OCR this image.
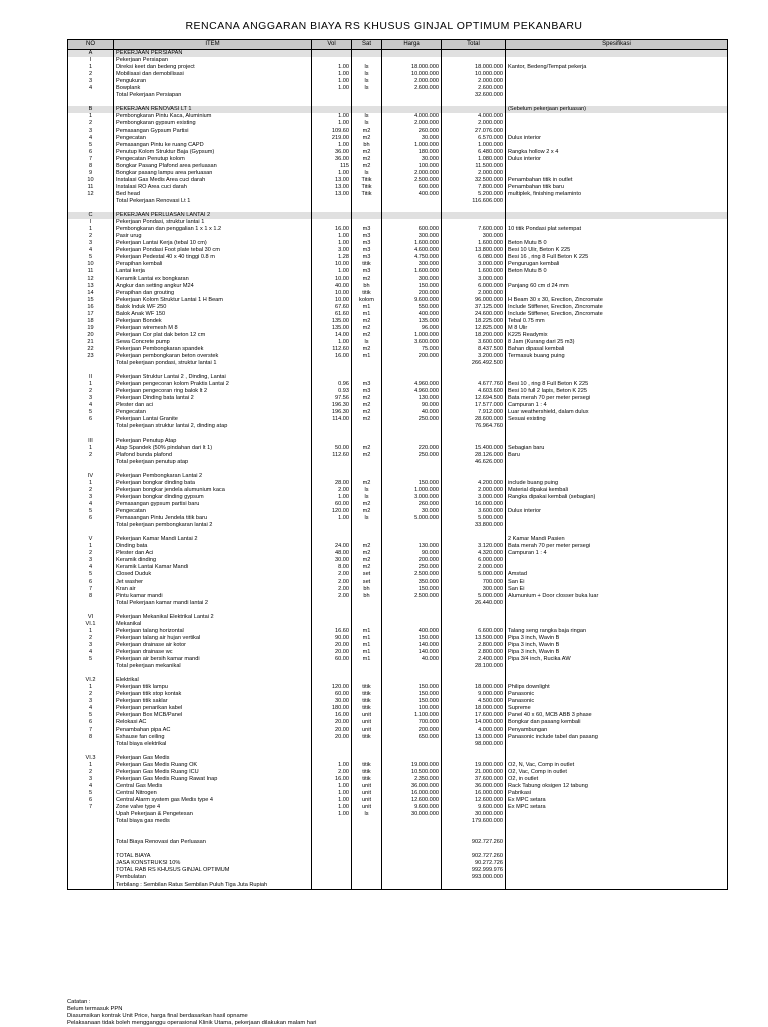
RENCANA ANGGARAN BIAYA RS KHUSUS GINJAL OPTIMUM PEKANBARU
NO	ITEM	Vol	Sat	Harga	Total	Spesifikasi
A	PEKERJAAN PERSIAPAN					
I	Pekerjaan Persiapan					
1	Direksi keet dan bedeng project	1.00	ls	18.000.000	18.000.000	Kantor, Bedeng/Tempat pekerja
2	Mobilisasi dan demobilisasi	1.00	ls	10.000.000	10.000.000	
3	Pengukuran	1.00	ls	2.000.000	2.000.000	
4	Bowplank	1.00	ls	2.600.000	2.600.000	
	Total Pekerjaan Persiapan				32.600.000	

B	PEKERJAAN RENOVASI LT 1					(Sebelum pekerjaan perluasan)
1	Pembongkaran Pintu Kaca, Aluminium	1.00	ls	4.000.000	4.000.000	
2	Pembongkaran gypsum existing	1.00	ls	2.000.000	2.000.000	
3	Pemasangan Gypsum Partisi	109.60	m2	260.000	27.076.000	
4	Pengecatan	219.00	m2	30.000	6.570.000	Dulux interior
5	Pemasangan Pintu ke ruang CAPD	1.00	bh	1.000.000	1.000.000	
6	Penutup Kolom Struktur Baja (Gypsum)	36.00	m2	180.000	6.480.000	Rangka hollow 2 x 4
7	Pengecatan Penutup kolom	36.00	m2	30.000	1.080.000	Dulux interior
8	Bongkar Pasang Plafond area perluasan	115	m2	100.000	11.500.000	
9	Bongkar pasang lampu area perluasan	1.00	ls	2.000.000	2.000.000	
10	Instalasi Gas Medis Area cuci darah	13.00	Titik	2.500.000	32.500.000	Penambahan titik in outlet
11	Instalasi RO Area cuci darah	13.00	Titik	600.000	7.800.000	Penambahan titik baru
12	Bed head	13.00	Titik	400.000	5.200.000	multiplek, finishing melaminto
	Total Pekerjaan Renovasi Lt 1				116.606.000	

C	PEKERJAAN PERLUASAN LANTAI 2					
I	Pekerjaan Pondasi, struktur lantai 1					
1	Pembongkaran dan penggalian 1 x 1 x 1.2	16.00	m3	600.000	7.600.000	10 titik Pondasi plat setempat
2	Pasir urug	1.00	m3	300.000	300.000	
3	Pekerjaan Lantai Kerja (tebal 10 cm)	1.00	m3	1.600.000	1.600.000	Beton Mutu B 0
4	Pekerjaan Pondasi Foot plate tebal 30 cm	3.00	m3	4.600.000	13.800.000	Besi 10 Ulir, Beton K 225
5	Pekerjaan Pedestal 40 x 40 tinggi 0.8 m	1.28	m3	4.750.000	6.080.000	Besi 16 , ring 8 Full Beton K 225
10	Perapihan kembali	10.00	titik	300.000	3.000.000	Pengurugan kembali
11	Lantai kerja	1.00	m3	1.600.000	1.600.000	Beton Mutu B 0
12	Keramik Lantai ex bongkaran	10.00	m2	300.000	3.000.000	
13	Angkur dan setting angkur M24	40.00	bh	150.000	6.000.000	Panjang 60 cm d 24 mm
14	Perapihan dan grouting	10.00	titik	200.000	2.000.000	
15	Pekerjaan Kolom Struktur Lantai 1 H Beam	10.00	kolom	9.600.000	96.000.000	H Beam 30 x 30, Erection, Zincromate
16	Balok Induk WF 250	67.60	m1	550.000	37.125.000	Include Stiffener, Erection, Zincromate
17	Balok Anak WF 150	61.60	m1	400.000	24.600.000	Include Stiffener, Erection, Zincromate
18	Pekerjaan Bondek	135.00	m2	135.000	18.225.000	Tebal 0.75 mm
19	Pekerjaan wiremesh M 8	135.00	m2	96.000	12.825.000	M 8 Ulir
20	Pekerjaan Cor plat dak beton 12 cm	14.00	m2	1.000.000	18.200.000	K225 Readymix
21	Sewa Concrete pump	1.00	ls	3.600.000	3.600.000	8 Jam (Kurang dari 25 m3)
22	Pekerjaan Pembongkaran spandek	112.60	m2	75.000	8.437.500	Bahan dipasal kembali
23	Pekerjaan pembongkaran beton overstek	16.00	m1	200.000	3.200.000	Termasuk buang puing
	Total pekerjaan pondasi, struktur lantai 1				266.492.500	

II	Pekerjaan Struktur Lantai 2 , Dinding, Lantai					
1	Pekerjaan pengecoran kolom Praktis Lantai 2	0.96	m3	4.960.000	4.677.760	Besi 10 , ring 8 Full Beton K 225
2	Pekerjaan pengecoran ring balok lt 2	0.93	m3	4.960.000	4.603.600	Besi 10 full 2 lapis, Beton K 225
3	Pekerjaan Dinding bata lantai 2	97.56	m2	130.000	12.694.500	Bata merah 70 per meter persegi
4	Plester dan aci	196.30	m2	90.000	17.577.000	Campuran 1 : 4
5	Pengecatan	196.30	m2	40.000	7.912.000	Luar weathershield, dalam dulux
6	Pekerjaan Lantai Granite	114.00	m2	250.000	28.600.000	Sesuai existing
	Total pekerjaan struktur lantai 2, dinding atap				76.964.760	

III	Pekerjaan Penutup Atap					
1	Atap Spandek (50% pindahan dari lt 1)	50.00	m2	220.000	15.400.000	Sebagian baru
2	Plafond bunda plafond	112.60	m2	250.000	28.126.000	Baru
	Total pekerjaan penutup atap				46.626.000	

IV	Pekerjaan Pembongkaran Lantai 2					
1	Pekerjaan bongkar dinding bata	28.00	m2	150.000	4.200.000	include buang puing
2	Pekerjaan bongkar jendela alumunium kaca	2.00	ls	1.000.000	2.000.000	Material dipakai kembali
3	Pekerjaan bongkar dinding gypsum	1.00	ls	3.000.000	3.000.000	Rangka dipakai kembali (sebagian)
4	Pemasangan gypsum partisi baru	60.00	m2	260.000	16.000.000	
5	Pengecatan	120.00	m2	30.000	3.600.000	Dulux interior
6	Pemasangan Pintu Jendela titik baru	1.00	ls	5.000.000	5.000.000	
	Total pekerjaan pembongkaran lantai 2				33.800.000	

V	Pekerjaan Kamar Mandi Lantai 2					2 Kamar Mandi Pasien
1	Dinding bata	24.00	m2	130.000	3.120.000	Bata merah 70 per meter persegi
2	Plester dan Aci	48.00	m2	90.000	4.320.000	Campuran 1 : 4
3	Keramik dinding	30.00	m2	200.000	6.000.000	
4	Keramik Lantai Kamar Mandi	8.00	m2	250.000	2.000.000	
5	Closed Duduk	2.00	set	2.500.000	5.000.000	Amstad
6	Jet washer	2.00	set	350.000	700.000	San Ei
7	Kran air	2.00	bh	150.000	300.000	San Ei
8	Pintu kamar mandi	2.00	bh	2.500.000	5.000.000	Alumunium + Door closser buka luar
	Total Pekerjaan kamar mandi lantai 2				26.440.000	

VI	Pekerjaan Mekanikal Elektrikal Lantai 2					
VI.1	Mekanikal					
1	Pekerjaan talang horizontal	16.60	m1	400.000	6.600.000	Talang seng rangka baja ringan
2	Pekerjaan talang air hujan vertikal	90.00	m1	150.000	13.500.000	Pipa 3 inch, Wavin B
3	Pekerjaan drainase air kotor	20.00	m1	140.000	2.800.000	Pipa 3 inch, Wavin B
4	Pekerjaan drainase wc	20.00	m1	140.000	2.800.000	Pipa 3 inch, Wavin B
5	Pekerjaan air bersih kamar mandi	60.00	m1	40.000	2.400.000	Pipa 3/4 inch, Rucika AW
	Total pekerjaan mekanikal				28.100.000	

VI.2	Elektrikal					
1	Pekerjaan titik lampu	120.00	titik	150.000	18.000.000	Philips downlight
2	Pekerjaan titik stop kontak	60.00	titik	150.000	9.000.000	Panasonic
3	Pekerjaan titik saklar	30.00	titik	150.000	4.500.000	Panasonic
4	Pekerjaan penarikan kabel	180.00	titik	100.000	18.000.000	Supreme
5	Pekerjaan Box MCB/Panel	16.00	unit	1.100.000	17.600.000	Panel 40 x 60, MCB ABB 3 phase
6	Relokasi AC	20.00	unit	700.000	14.000.000	Bongkar dan pasang kembali
7	Penambahan pipa AC	20.00	unit	200.000	4.000.000	Penyambungan
8	Exhause fan ceiling	20.00	titik	650.000	13.000.000	Panasonic include tabel dan pasang
	Total biaya elektrikal				98.000.000	

VI.3	Pekerjaan Gas Medis					
1	Pekerjaan Gas Medis Ruang OK	1.00	titik	19.000.000	19.000.000	O2, N, Vac, Comp in outlet
2	Pekerjaan Gas Medis Ruang ICU	2.00	titik	10.500.000	21.000.000	O2, Vac, Comp in outlet
3	Pekerjaan Gas Medis Ruang Rawat Inap	16.00	titik	2.350.000	37.600.000	O2, in outlet
4	Central Gas Medis	1.00	unit	36.000.000	36.000.000	Rack Tabung oksigen 12 tabung
5	Central Nitrogen	1.00	unit	16.000.000	16.000.000	Pabrikasi
6	Central Alarm system gas Medis type 4	1.00	unit	12.600.000	12.600.000	Ex MPC setara
7	Zone valve type 4	1.00	unit	9.600.000	9.600.000	Ex MPC setara
	Upah Pekerjaan & Pengetesan	1.00	ls	30.000.000	30.000.000	
	Total biaya gas medis				179.600.000	

	Total Biaya Renovasi dan Perluasan				902.727.260	

	TOTAL BIAYA				902.727.260	
	JASA KONSTRUKSI 10%				90.272.726	
	TOTAL RAB RS KHUSUS GINJAL OPTIMUM				992.999.976	
	Pembulatan				993.000.000	
	Terbilang : Sembilan Ratus Sembilan Puluh Tiga Juta Rupiah					
Catatan :
Belum termasuk PPN
Diasumsikan kontrak Unit Price, harga final berdasarkan hasil opname
Pelaksanaan tidak boleh mengganggu operasional Klinik Utama, pekerjaan dilakukan malam hari
